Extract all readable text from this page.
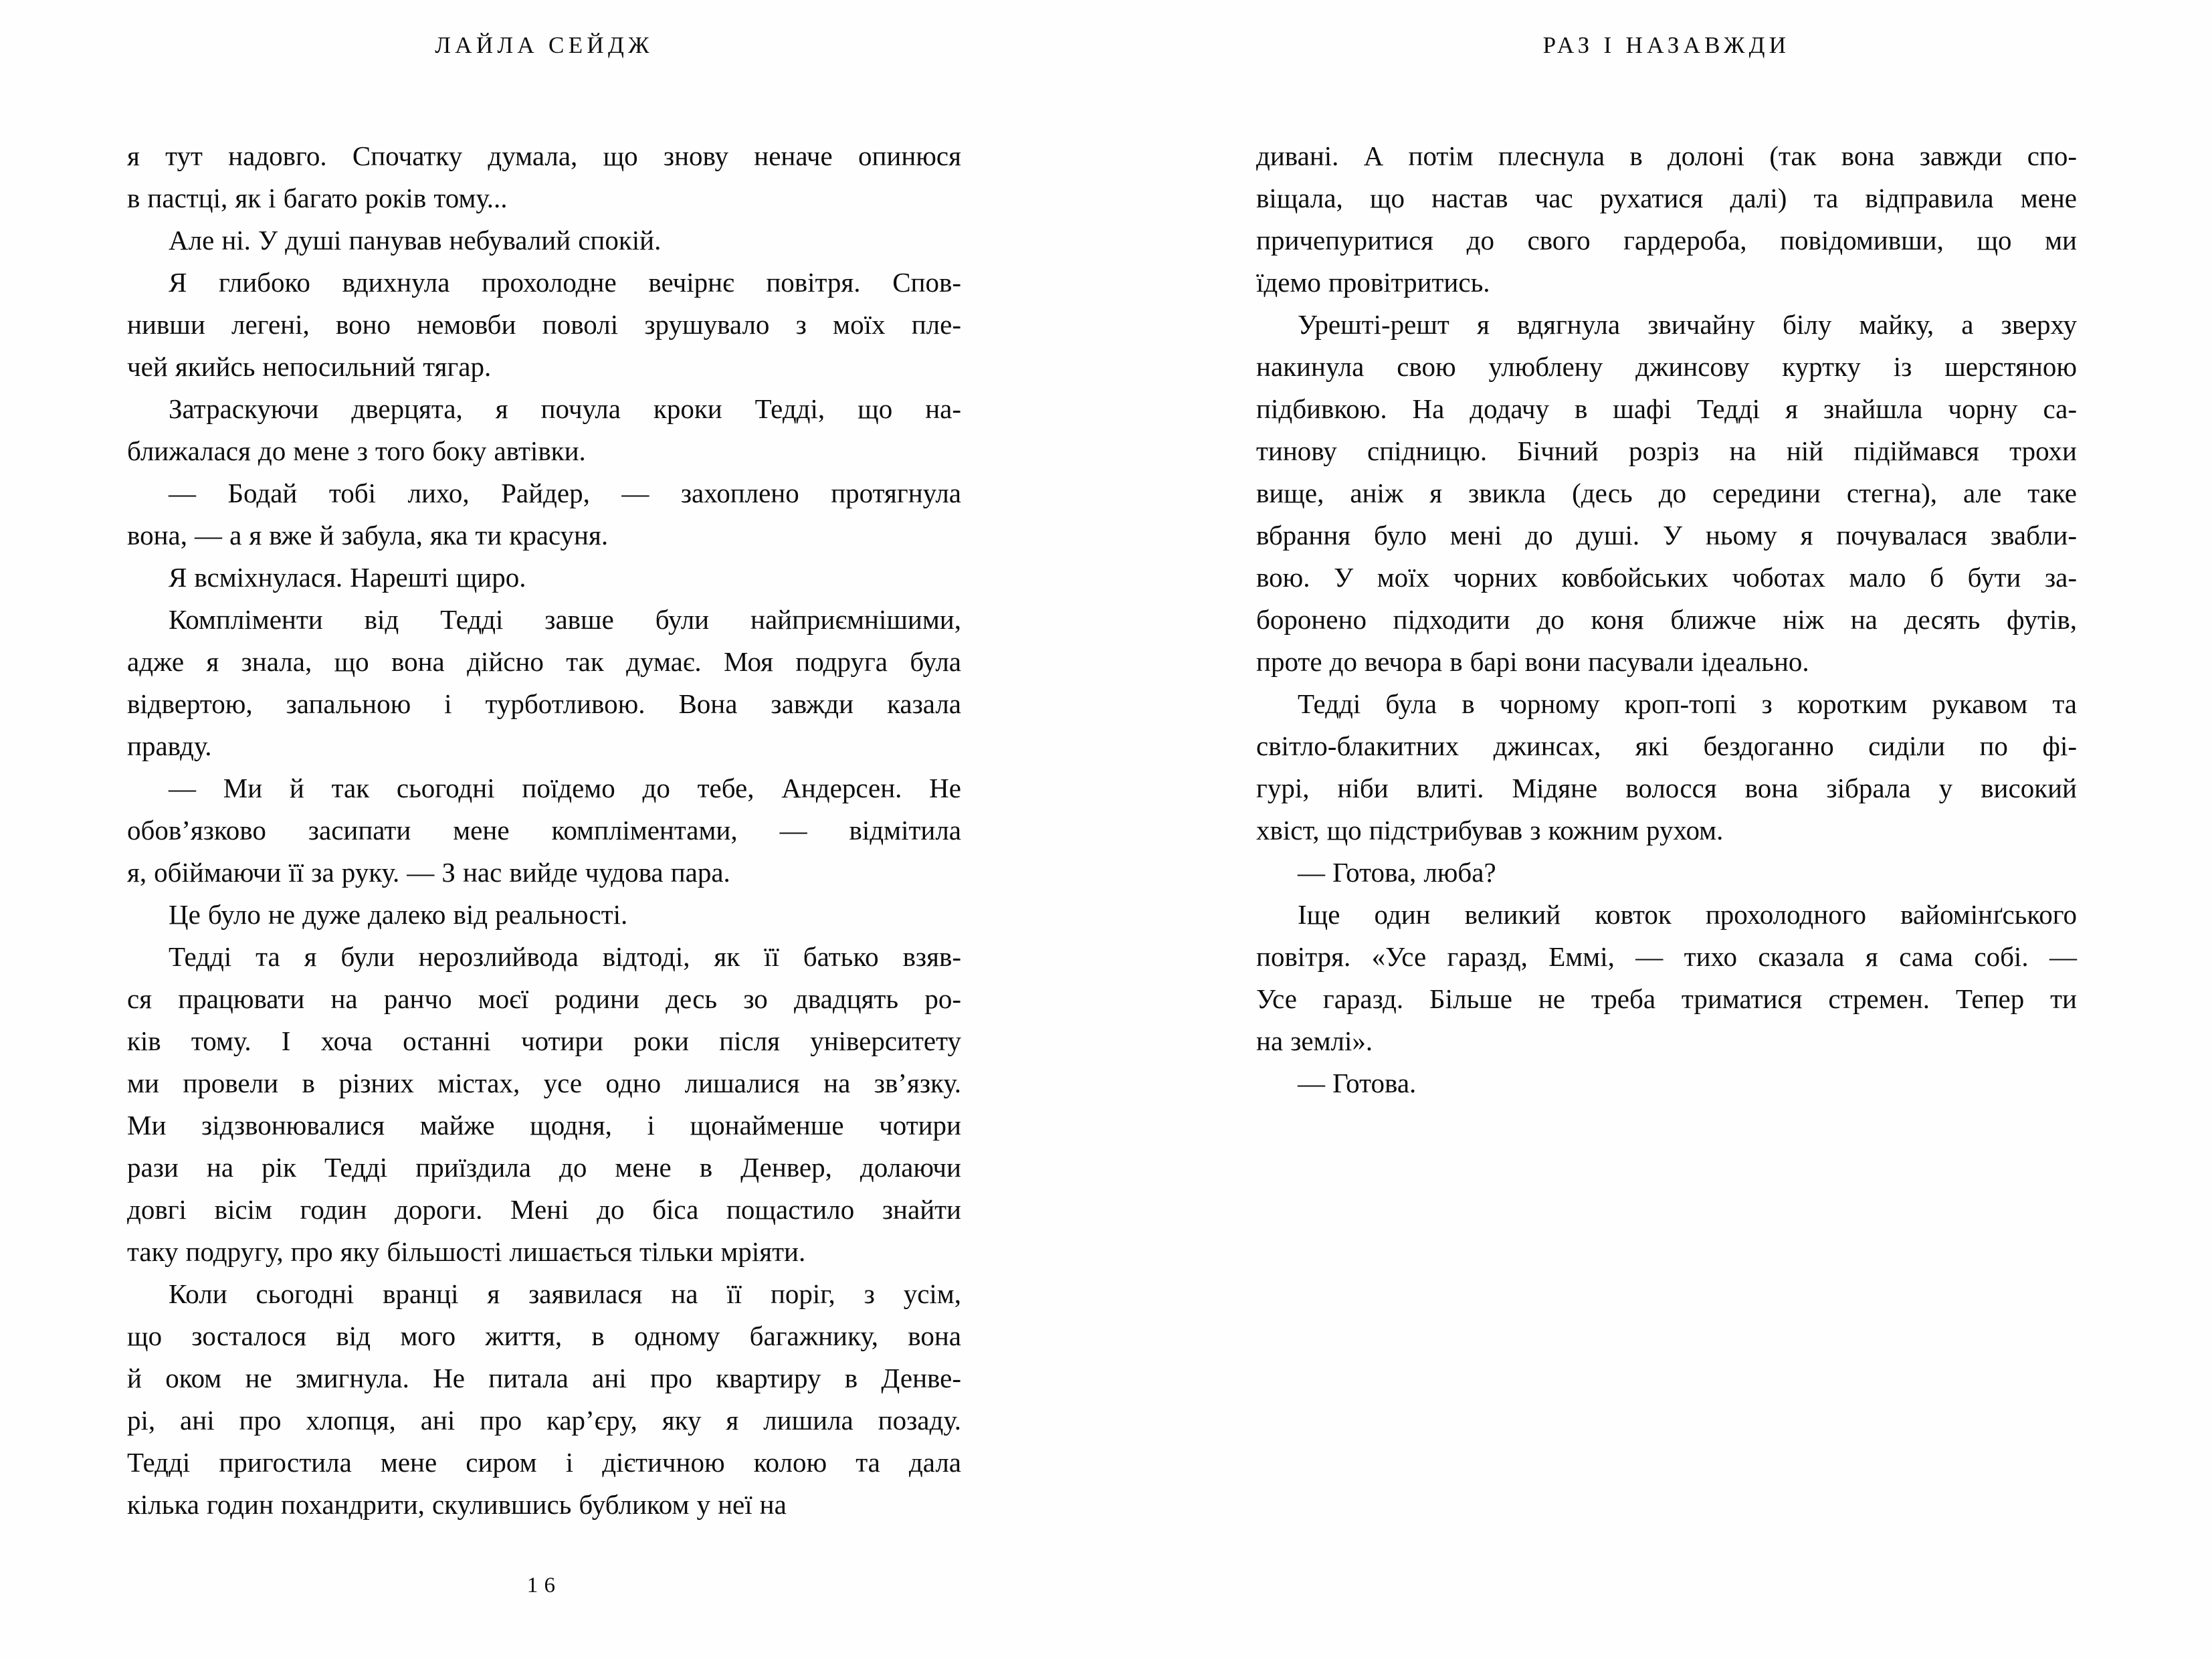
ЛАЙЛА СЕЙДЖ
я тут надовго. Спочатку думала, що знову неначе опинюся
в пастці, як і багато років тому...
Але ні. У душі панував небувалий спокій.
Я глибоко вдихнула прохолодне вечірнє повітря. Спов-
нивши легені, воно немовби поволі зрушувало з моїх пле-
чей якийсь непосильний тягар.
Затраскуючи дверцята, я почула кроки Тедді, що на-
ближалася до мене з того боку автівки.
— Бодай тобі лихо, Райдер, — захоплено протягнула
вона, — а я вже й забула, яка ти красуня.
Я всміхнулася. Нарешті щиро.
Компліменти від Тедді завше були найприємнішими,
адже я знала, що вона дійсно так думає. Моя подруга була
відвертою, запальною і турботливою. Вона завжди казала
правду.
— Ми й так сьогодні поїдемо до тебе, Андерсен. Не
обов’язково засипати мене компліментами, — відмітила
я, обіймаючи її за руку. — З нас вийде чудова пара.
Це було не дуже далеко від реальності.
Тедді та я були нерозлийвода відтоді, як її батько взяв-
ся працювати на ранчо моєї родини десь зо двадцять ро-
ків тому. І хоча останні чотири роки після університету
ми провели в різних містах, усе одно лишалися на зв’язку.
Ми зідзвонювалися майже щодня, і щонайменше чотири
рази на рік Тедді приїздила до мене в Денвер, долаючи
довгі вісім годин дороги. Мені до біса пощастило знайти
таку подругу, про яку більшості лишається тільки мріяти.
Коли сьогодні вранці я заявилася на її поріг, з усім,
що зосталося від мого життя, в одному багажнику, вона
й оком не змигнула. Не питала ані про квартиру в Денве-
рі, ані про хлопця, ані про кар’єру, яку я лишила позаду.
Тедді пригостила мене сиром і дієтичною колою та дала
кілька годин похандрити, скулившись бубликом у неї на
16
РАЗ І НАЗАВЖДИ
дивані. А потім плеснула в долоні (так вона завжди спо-
віщала, що настав час рухатися далі) та відправила мене
причепуритися до свого гардероба, повідомивши, що ми
їдемо провітритись.
Урешті-решт я вдягнула звичайну білу майку, а зверху
накинула свою улюблену джинсову куртку із шерстяною
підбивкою. На додачу в шафі Тедді я знайшла чорну са-
тинову спідницю. Бічний розріз на ній підіймався трохи
вище, аніж я звикла (десь до середини стегна), але таке
вбрання було мені до душі. У ньому я почувалася звабли-
вою. У моїх чорних ковбойських чоботах мало б бути за-
боронено підходити до коня ближче ніж на десять футів,
проте до вечора в барі вони пасували ідеально.
Тедді була в чорному кроп-топі з коротким рукавом та
світло-блакитних джинсах, які бездоганно сиділи по фі-
гурі, ніби влиті. Мідяне волосся вона зібрала у високий
хвіст, що підстрибував з кожним рухом.
— Готова, люба?
Іще один великий ковток прохолодного вайомінґського
повітря. «Усе гаразд, Еммі, — тихо сказала я сама собі. —
Усе гаразд. Більше не треба триматися стремен. Тепер ти
на землі».
— Готова.
